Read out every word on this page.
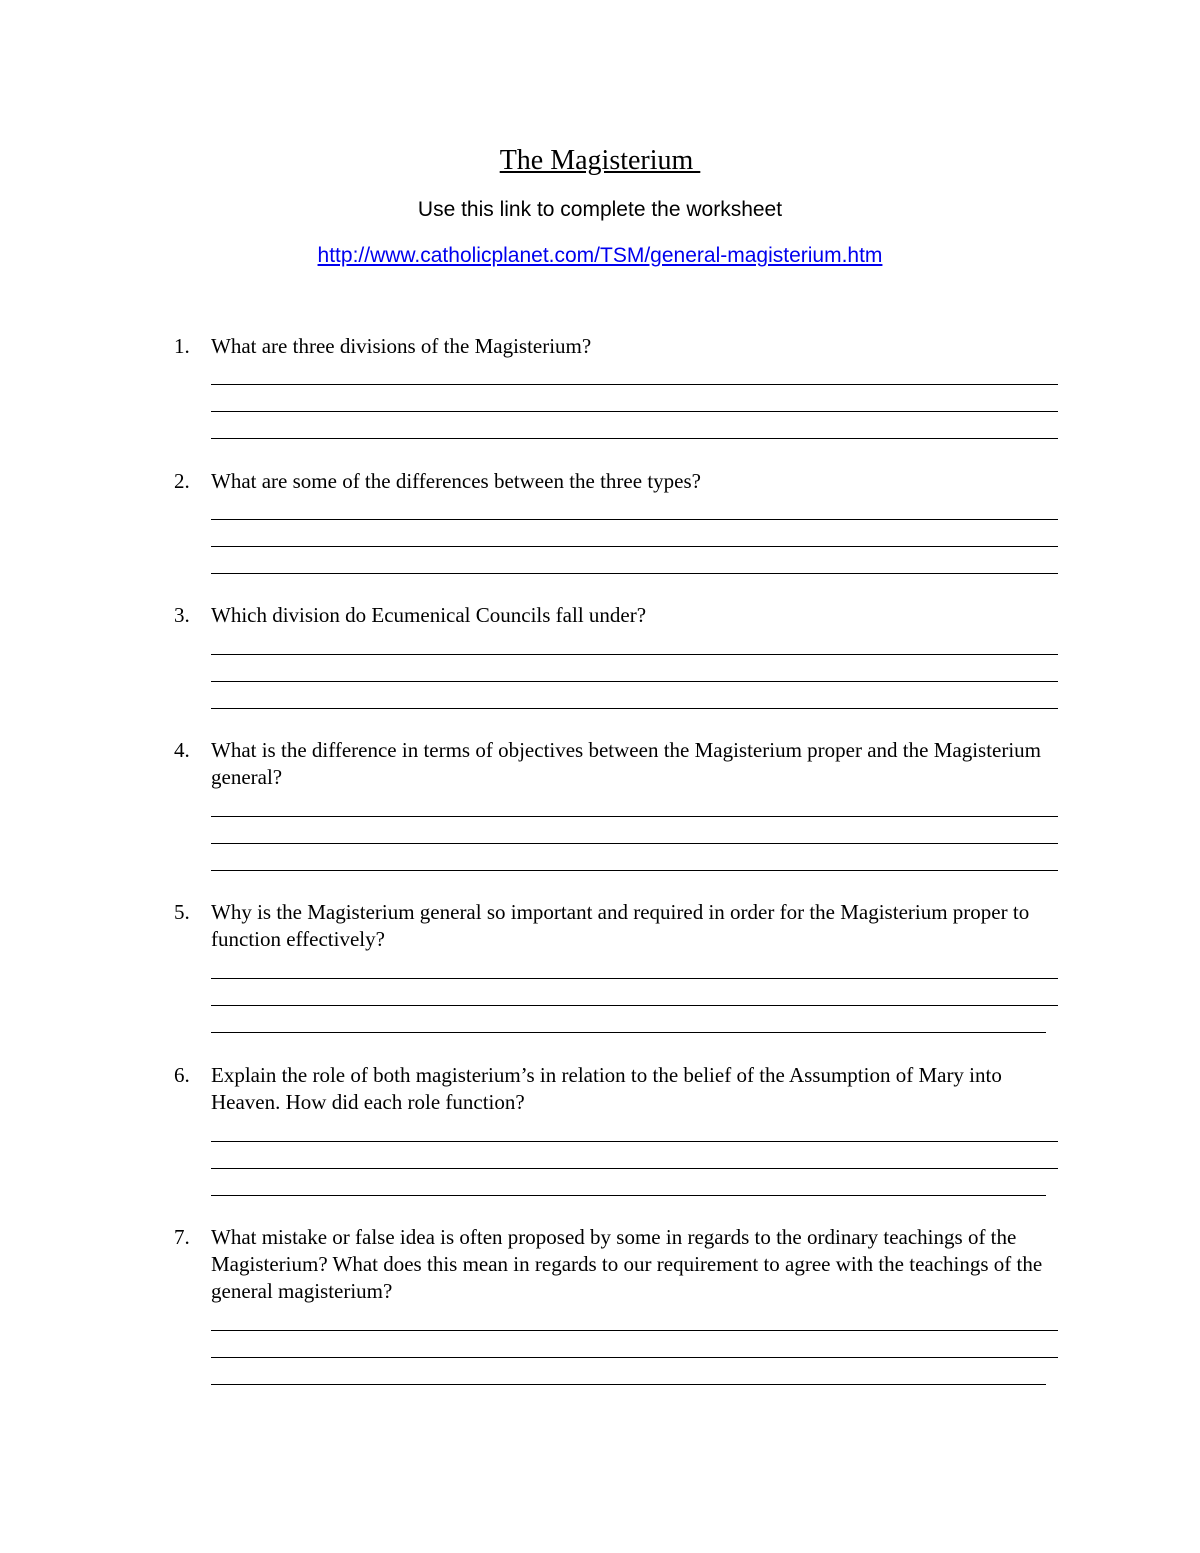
The Magisterium
Use this link to complete the worksheet
http://www.catholicplanet.com/TSM/general-magisterium.htm
1. What are three divisions of the Magisterium?
2. What are some of the differences between the three types?
3. Which division do Ecumenical Councils fall under?
4. What is the difference in terms of objectives between the Magisterium proper and the Magisterium general?
5. Why is the Magisterium general so important and required in order for the Magisterium proper to function effectively?
6. Explain the role of both magisterium’s in relation to the belief of the Assumption of Mary into Heaven. How did each role function?
7. What mistake or false idea is often proposed by some in regards to the ordinary teachings of the Magisterium? What does this mean in regards to our requirement to agree with the teachings of the general magisterium?
